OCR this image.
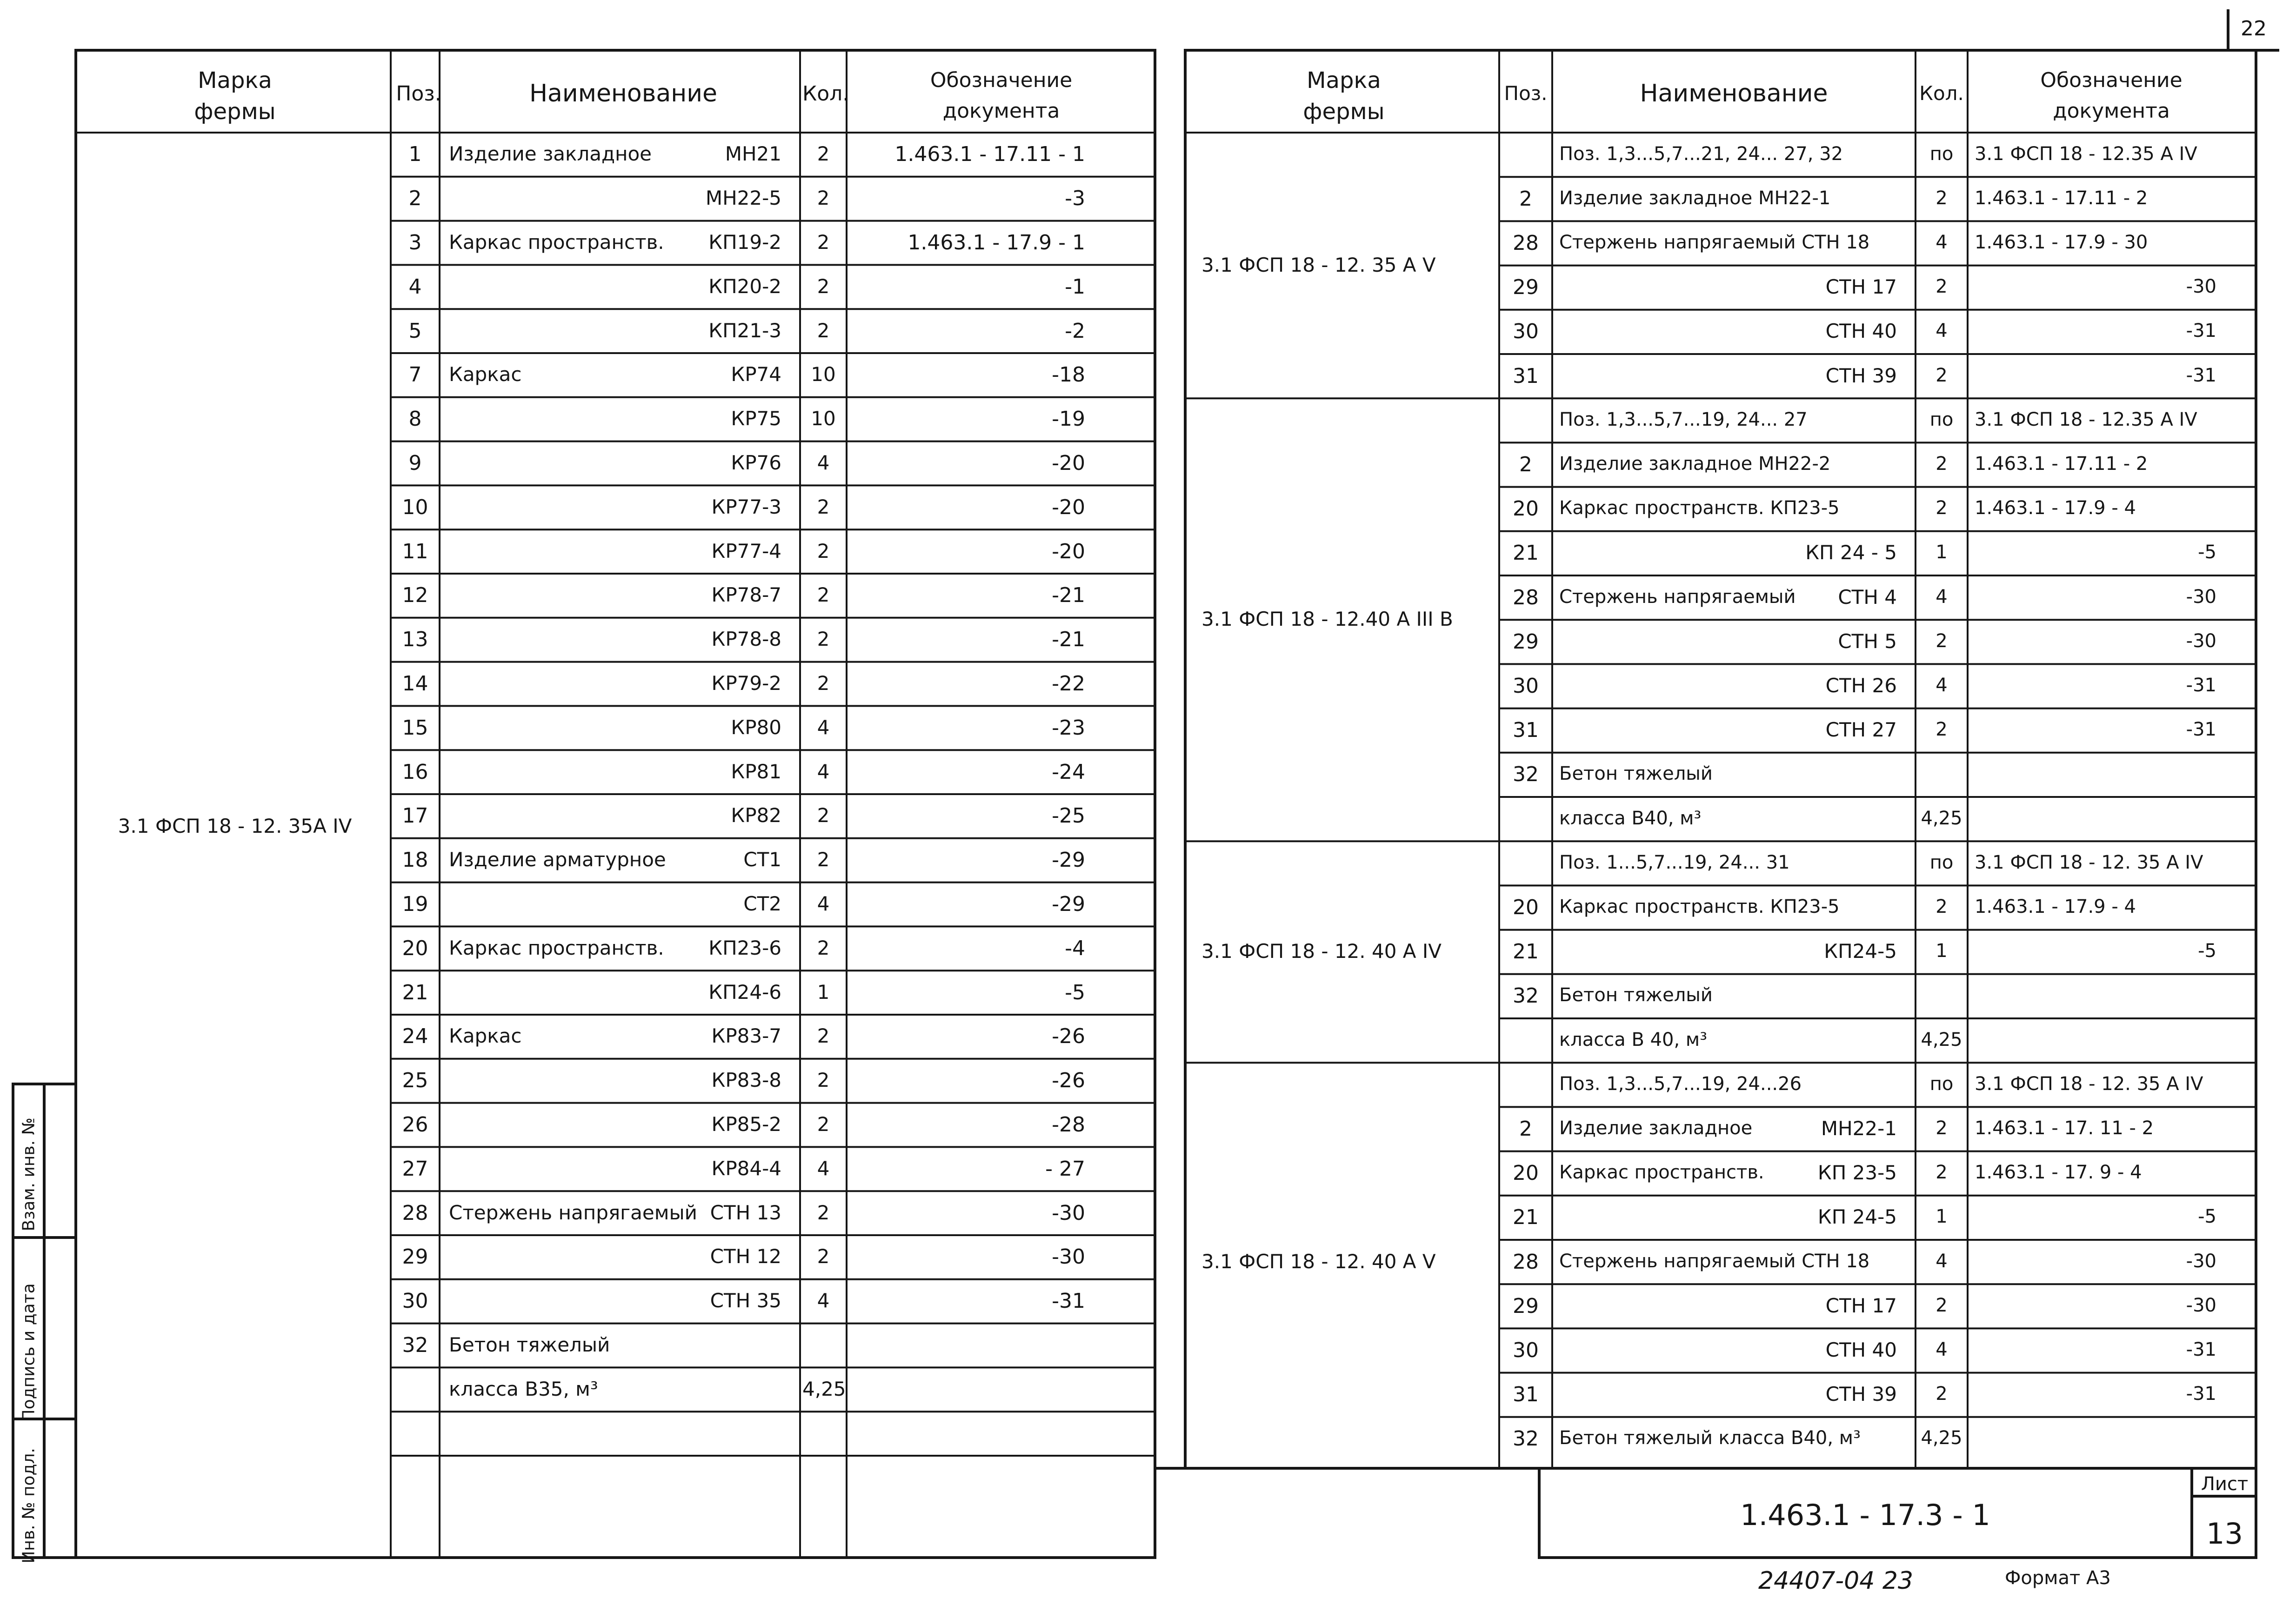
22
Марка
фермы
Поз.	Наименование	Кол.
Обозначение
документа
3.1 ФСП 18 - 12. 35А IV
1	Изделие закладное	МН21	2	1.463.1 - 17.11 - 1
2	МН22-5	2	-3
3	Каркас пространств.	КП19-2	2	1.463.1 - 17.9 - 1
4	КП20-2	2	-1
5	КП21-3	2	-2
7	Каркас	КР74	10	-18
8	КР75	10	-19
9	КР76	4	-20
10	КР77-3	2	-20
11	КР77-4	2	-20
12	КР78-7	2	-21
13	КР78-8	2	-21
14	КР79-2	2	-22
15	КР80	4	-23
16	КР81	4	-24
17	КР82	2	-25
18	Изделие арматурное	СТ1	2	-29
19	СТ2	4	-29
20	Каркас пространств.	КП23-6	2	-4
21	КП24-6	1	-5
24	Каркас	КР83-7	2	-26
25	КР83-8	2	-26
26	КР85-2	2	-28
27	КР84-4	4	- 27
28	Стержень напрягаемый СТН 13	2	-30
29	СТН 12	2	-30
30	СТН 35	4	-31
32	Бетон тяжелый
класса В35, м³	4,25
Марка
фермы
Поз.	Наименование	Кол.
Обозначение
документа
3.1 ФСП 18 - 12. 35 А V
Поз. 1,3...5,7...21, 24... 27, 32	по	3.1 ФСП 18 - 12.35 А IV
2	Изделие закладное МН22-1	2	1.463.1 - 17.11 - 2
28	Стержень напрягаемый СТН 18	4	1.463.1 - 17.9 - 30
29	СТН 17	2	-30
30	СТН 40	4	-31
31	СТН 39	2	-31
3.1 ФСП 18 - 12.40 А III В
Поз. 1,3...5,7...19, 24... 27	по	3.1 ФСП 18 - 12.35 А IV
2	Изделие закладное МН22-2	2	1.463.1 - 17.11 - 2
20	Каркас пространств. КП23-5	2	1.463.1 - 17.9 - 4
21	КП 24 - 5	1	-5
28	Стержень напрягаемый	СТН 4	4	-30
29	СТН 5	2	-30
30	СТН 26	4	-31
31	СТН 27	2	-31
32	Бетон тяжелый
класса В40, м³	4,25
3.1 ФСП 18 - 12. 40 А IV
Поз. 1...5,7...19, 24... 31	по	3.1 ФСП 18 - 12. 35 А IV
20	Каркас пространств. КП23-5	2	1.463.1 - 17.9 - 4
21	КП24-5	1	-5
32	Бетон тяжелый
класса В 40, м³	4,25
3.1 ФСП 18 - 12. 40 А V
Поз. 1,3...5,7...19, 24...26	по	3.1 ФСП 18 - 12. 35 А IV
2	Изделие закладное	МН22-1	2	1.463.1 - 17. 11 - 2
20	Каркас пространств.	КП 23-5	2	1.463.1 - 17. 9 - 4
21	КП 24-5	1	-5
28	Стержень напрягаемый СТН 18	4	-30
29	СТН 17	2	-30
30	СТН 40	4	-31
31	СТН 39	2	-31
32	Бетон тяжелый класса В40, м³	4,25
1.463.1 - 17.3 - 1
Лист
13
Инв. № подл.
Подпись и дата
Взам. инв. №
24407-04 23	Формат А3
